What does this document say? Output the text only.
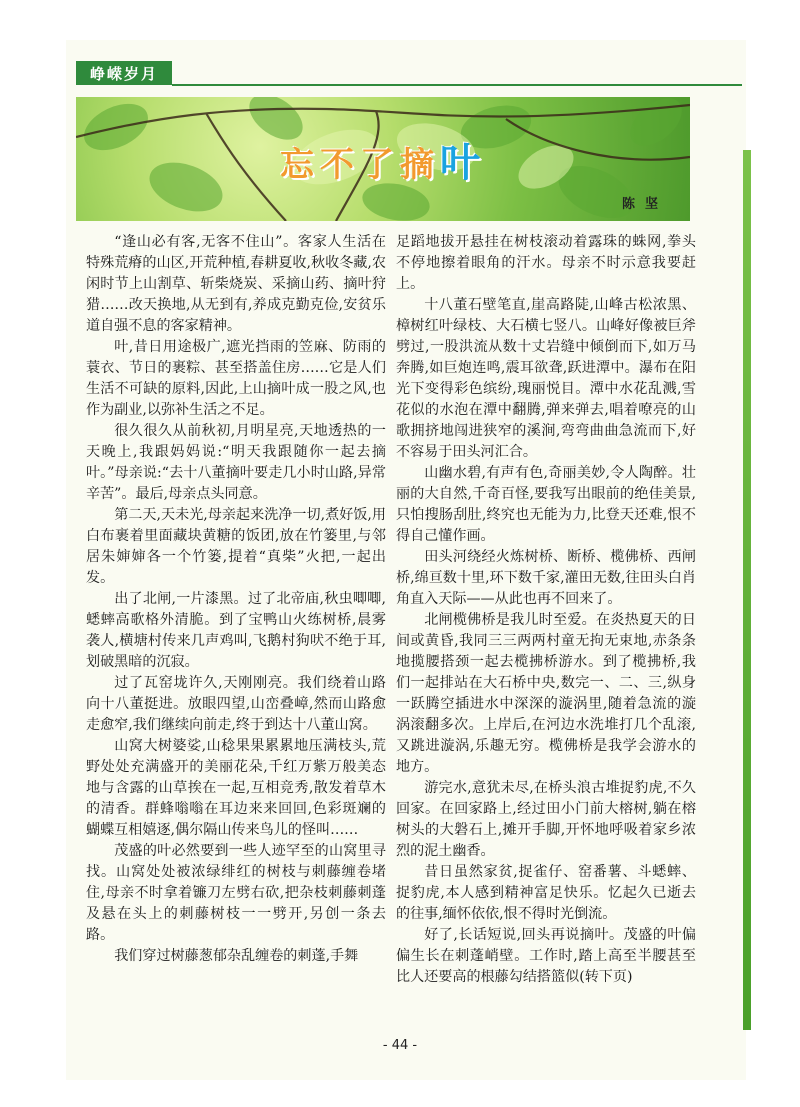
峥嵘岁月
忘不了摘叶
陈坚

“逢山必有客,无客不住山”。客家人生活在特殊荒瘠的山区,开荒种植,春耕夏收,秋收冬藏,农闲时节上山割草、斩柴烧炭、采摘山药、摘叶狩猎……改天换地,从无到有,养成克勤克俭,安贫乐道自强不息的客家精神。

叶,昔日用途极广,遮光挡雨的笠麻、防雨的蓑衣、节日的裹粽、甚至搭盖住房……它是人们生活不可缺的原料,因此,上山摘叶成一股之风,也作为副业,以弥补生活之不足。

很久很久从前秋初,月明星亮,天地透热的一天晚上,我跟妈妈说:“明天我跟随你一起去摘叶。”母亲说:“去十八董摘叶要走几小时山路,异常辛苦”。最后,母亲点头同意。

第二天,天未光,母亲起来洗净一切,煮好饭,用白布裹着里面藏块黄糖的饭团,放在竹篓里,与邻居朱婶婶各一个竹篓,提着“真柴”火把,一起出发。

出了北闸,一片漆黑。过了北帝庙,秋虫唧唧,蟋蟀高歌格外清脆。到了宝鸭山火练树桥,晨雾袭人,横塘村传来几声鸡叫,飞鹅村狗吠不绝于耳,划破黑暗的沉寂。

过了瓦窑垅许久,天刚刚亮。我们绕着山路向十八董挺进。放眼四望,山峦叠嶂,然而山路愈走愈窄,我们继续向前走,终于到达十八董山窝。

山窝大树婆娑,山稔果果累累地压满枝头,荒野处处充满盛开的美丽花朵,千红万紫万般美态地与含露的山草挨在一起,互相竞秀,散发着草木的清香。群蜂嗡嗡在耳边来来回回,色彩斑斓的蝴蝶互相嬉逐,偶尔隔山传来鸟儿的怪叫……

茂盛的叶必然要到一些人迹罕至的山窝里寻找。山窝处处被浓绿绯红的树枝与刺藤缠卷堵住,母亲不时拿着镰刀左劈右砍,把杂枝刺藤刺蓬及悬在头上的刺藤树枝一一劈开,另创一条去路。

我们穿过树藤葱郁杂乱缠卷的刺蓬,手舞

足蹈地拔开悬挂在树枝滚动着露珠的蛛网,拳头不停地擦着眼角的汗水。母亲不时示意我要赶上。

十八董石壁笔直,崖高路陡,山峰古松浓黑、樟树红叶绿枝、大石横七竖八。山峰好像被巨斧劈过,一股洪流从数十丈岩缝中倾倒而下,如万马奔腾,如巨炮连鸣,震耳欲聋,跃进潭中。瀑布在阳光下变得彩色缤纷,瑰丽悦目。潭中水花乱溅,雪花似的水泡在潭中翻腾,弹来弹去,唱着嘹亮的山歌拥挤地闯进狭窄的溪涧,弯弯曲曲急流而下,好不容易于田头河汇合。

山幽水碧,有声有色,奇丽美妙,令人陶醉。壮丽的大自然,千奇百怪,要我写出眼前的绝佳美景,只怕搜肠刮肚,终究也无能为力,比登天还难,恨不得自己懂作画。

田头河绕经火炼树桥、断桥、榄佛桥、西闸桥,绵亘数十里,环下数千家,灌田无数,往田头白肖角直入天际——从此也再不回来了。

北闸榄佛桥是我儿时至爱。在炎热夏天的日间或黄昏,我同三三两两村童无拘无束地,赤条条地揽腰搭颈一起去榄拂桥游水。到了榄拂桥,我们一起排站在大石桥中央,数完一、二、三,纵身一跃腾空插进水中深深的漩涡里,随着急流的漩涡滚翻多次。上岸后,在河边水洗堆打几个乱滚,又跳进漩涡,乐趣无穷。榄佛桥是我学会游水的地方。

游完水,意犹未尽,在桥头浪古堆捉豹虎,不久回家。在回家路上,经过田小门前大榕树,躺在榕树头的大磐石上,摊开手脚,开怀地呼吸着家乡浓烈的泥土幽香。

昔日虽然家贫,捉雀仔、窑番薯、斗蟋蟀、捉豹虎,本人感到精神富足快乐。忆起久已逝去的往事,缅怀依依,恨不得时光倒流。

好了,长话短说,回头再说摘叶。茂盛的叶偏偏生长在刺蓬峭壁。工作时,踏上高至半腰甚至比人还要高的根藤勾结搭篮似(转下页)

- 44 -
